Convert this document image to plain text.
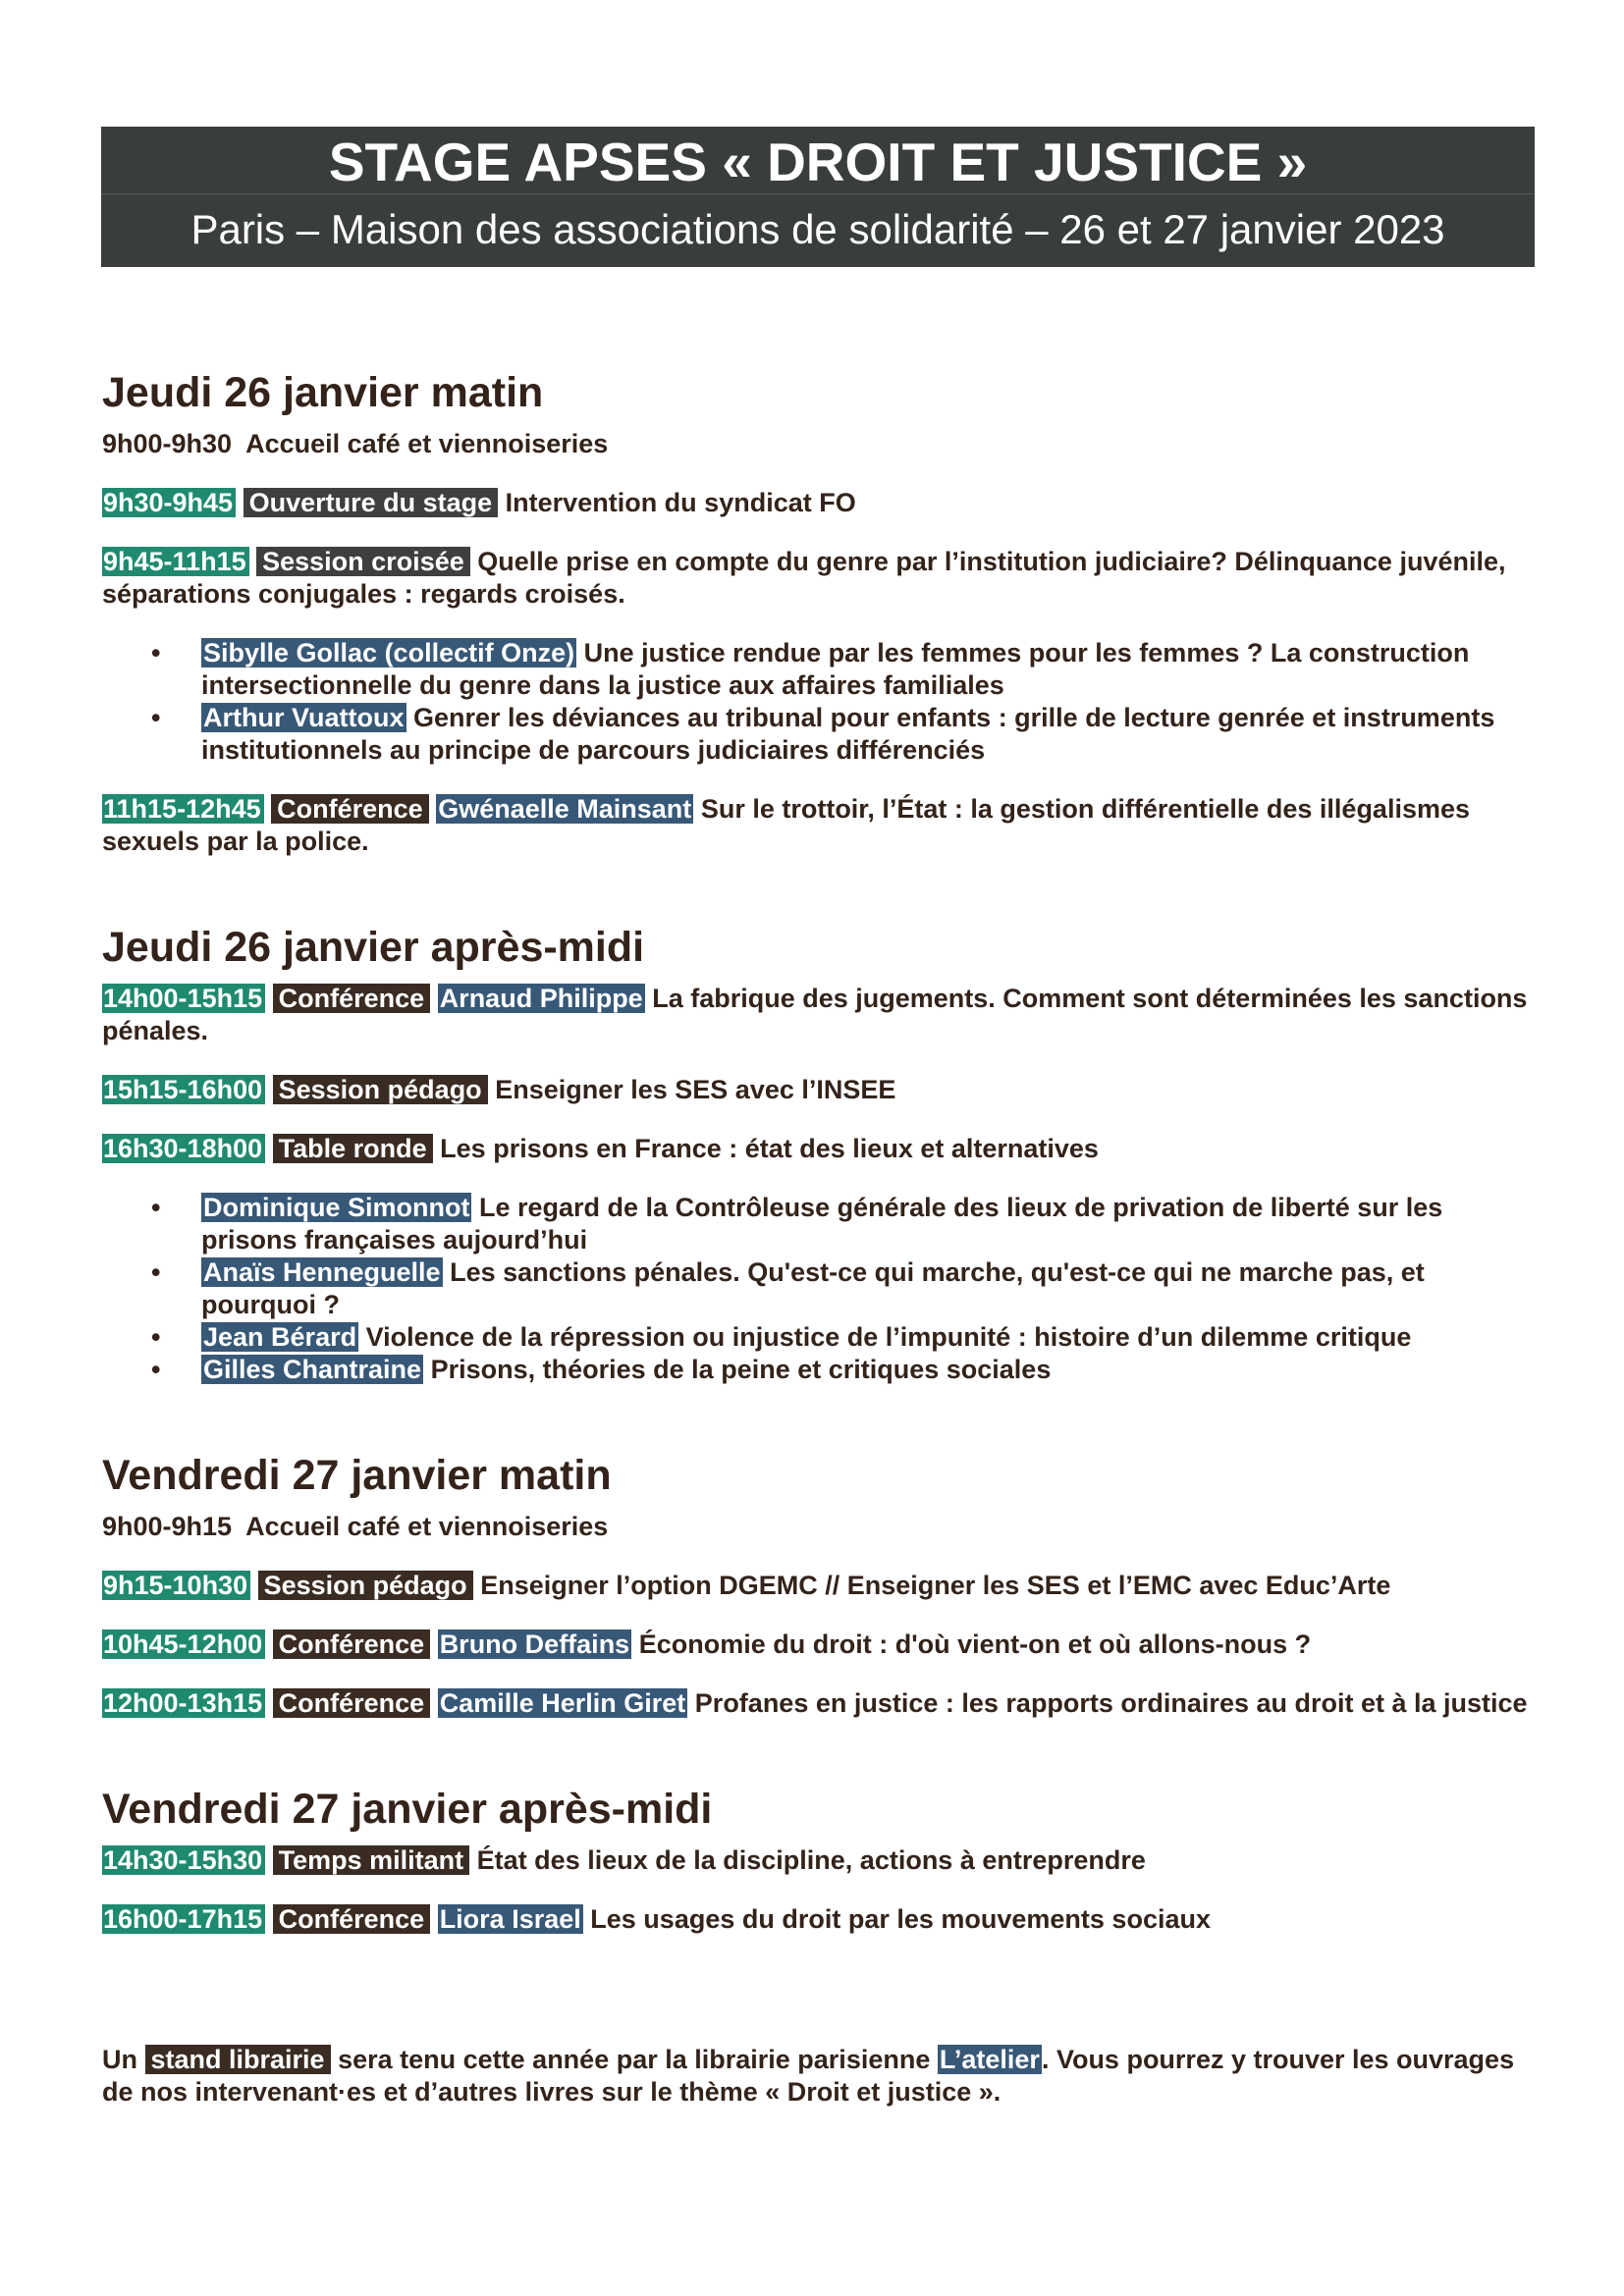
STAGE APSES « DROIT ET JUSTICE »
Paris – Maison des associations de solidarité – 26 et 27 janvier 2023
Jeudi 26 janvier matin
9h00-9h30 Accueil café et viennoiseries
9h30-9h45 Ouverture du stage Intervention du syndicat FO
9h45-11h15 Session croisée Quelle prise en compte du genre par l’institution judiciaire? Délinquance juvénile, séparations conjugales : regards croisés.
• Sibylle Gollac (collectif Onze) Une justice rendue par les femmes pour les femmes ? La construction intersectionnelle du genre dans la justice aux affaires familiales
• Arthur Vuattoux Genrer les déviances au tribunal pour enfants : grille de lecture genrée et instruments institutionnels au principe de parcours judiciaires différenciés
11h15-12h45 Conférence Gwénaelle Mainsant Sur le trottoir, l’État : la gestion différentielle des illégalismes sexuels par la police.
Jeudi 26 janvier après-midi
14h00-15h15 Conférence Arnaud Philippe La fabrique des jugements. Comment sont déterminées les sanctions pénales.
15h15-16h00 Session pédago Enseigner les SES avec l’INSEE
16h30-18h00 Table ronde Les prisons en France : état des lieux et alternatives
• Dominique Simonnot Le regard de la Contrôleuse générale des lieux de privation de liberté sur les prisons françaises aujourd’hui
• Anaïs Henneguelle Les sanctions pénales. Qu'est-ce qui marche, qu'est-ce qui ne marche pas, et pourquoi ?
• Jean Bérard Violence de la répression ou injustice de l’impunité : histoire d’un dilemme critique
• Gilles Chantraine Prisons, théories de la peine et critiques sociales
Vendredi 27 janvier matin
9h00-9h15 Accueil café et viennoiseries
9h15-10h30 Session pédago Enseigner l’option DGEMC // Enseigner les SES et l’EMC avec Educ’Arte
10h45-12h00 Conférence Bruno Deffains Économie du droit : d'où vient-on et où allons-nous ?
12h00-13h15 Conférence Camille Herlin Giret Profanes en justice : les rapports ordinaires au droit et à la justice
Vendredi 27 janvier après-midi
14h30-15h30 Temps militant État des lieux de la discipline, actions à entreprendre
16h00-17h15 Conférence Liora Israel Les usages du droit par les mouvements sociaux
Un stand librairie sera tenu cette année par la librairie parisienne L’atelier. Vous pourrez y trouver les ouvrages de nos intervenant·es et d’autres livres sur le thème « Droit et justice ».
